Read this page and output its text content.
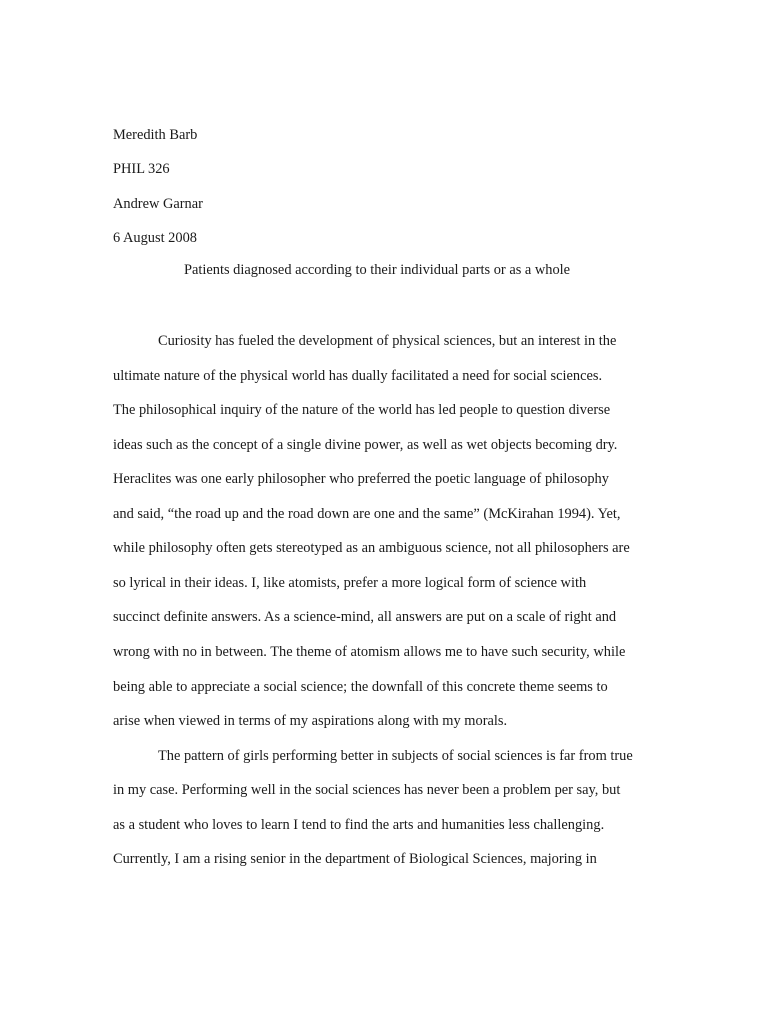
Meredith Barb
PHIL 326
Andrew Garnar
6 August 2008
Patients diagnosed according to their individual parts or as a whole
Curiosity has fueled the development of physical sciences, but an interest in the
ultimate nature of the physical world has dually facilitated a need for social sciences.
The philosophical inquiry of the nature of the world has led people to question diverse
ideas such as the concept of a single divine power, as well as wet objects becoming dry.
Heraclites was one early philosopher who preferred the poetic language of philosophy
and said, “the road up and the road down are one and the same” (McKirahan 1994). Yet,
while philosophy often gets stereotyped as an ambiguous science, not all philosophers are
so lyrical in their ideas. I, like atomists, prefer a more logical form of science with
succinct definite answers. As a science-mind, all answers are put on a scale of right and
wrong with no in between. The theme of atomism allows me to have such security, while
being able to appreciate a social science; the downfall of this concrete theme seems to
arise when viewed in terms of my aspirations along with my morals.
The pattern of girls performing better in subjects of social sciences is far from true
in my case. Performing well in the social sciences has never been a problem per say, but
as a student who loves to learn I tend to find the arts and humanities less challenging.
Currently, I am a rising senior in the department of Biological Sciences, majoring in
